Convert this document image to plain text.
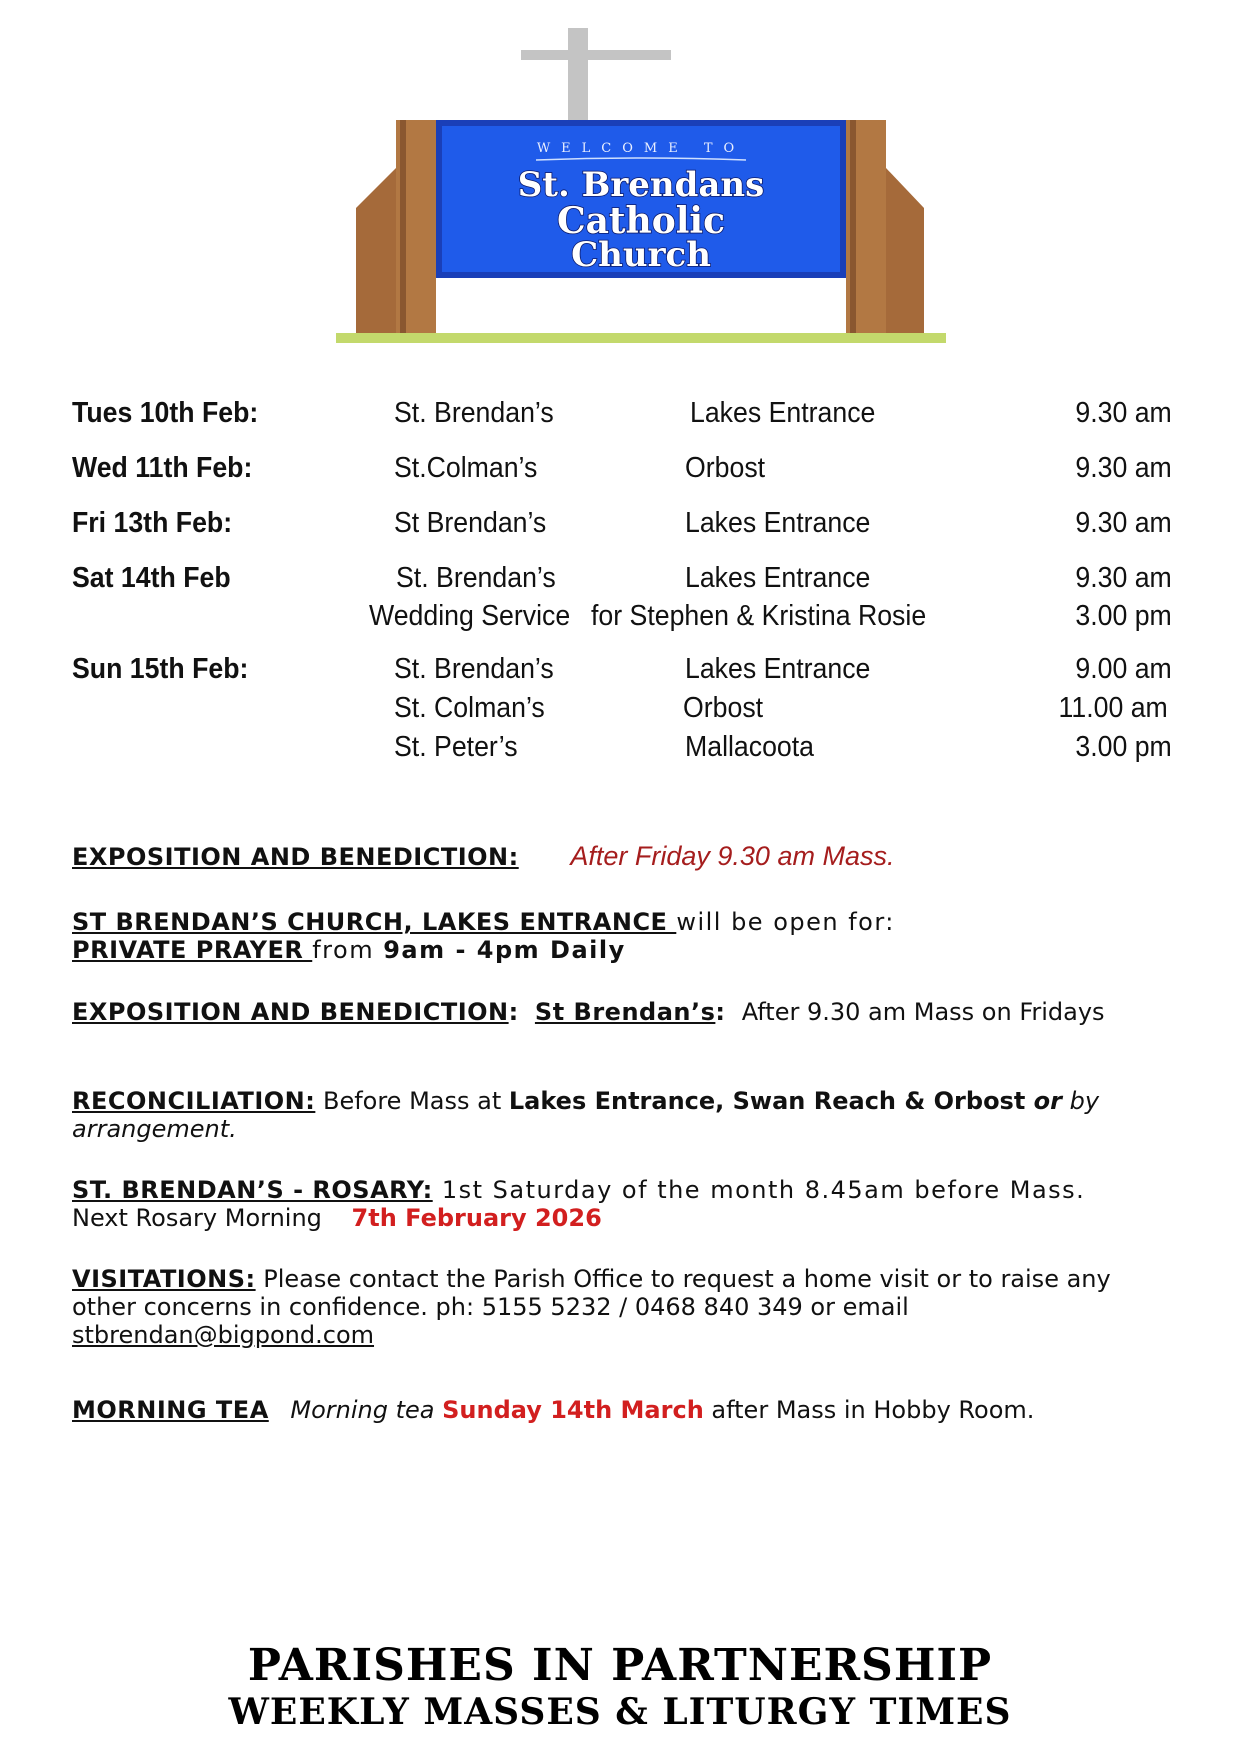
WELCOME TO
St. Brendans
Catholic
Church
Tues 10th Feb:	St. Brendan’s	Lakes Entrance	9.30 am
Wed 11th Feb:	St.Colman’s	Orbost	9.30 am
Fri 13th Feb:	St Brendan’s	Lakes Entrance	9.30 am
Sat 14th Feb	St. Brendan’s	Lakes Entrance	9.30 am
Wedding Service for Stephen & Kristina Rosie	3.00 pm
Sun 15th Feb:	St. Brendan’s	Lakes Entrance	9.00 am
St. Colman’s	Orbost	11.00 am
St. Peter’s	Mallacoota	3.00 pm
EXPOSITION AND BENEDICTION: After Friday 9.30 am Mass.
ST BRENDAN’S CHURCH, LAKES ENTRANCE will be open for:
PRIVATE PRAYER from 9am - 4pm Daily
EXPOSITION AND BENEDICTION:  St Brendan’s:  After 9.30 am Mass on Fridays
RECONCILIATION: Before Mass at Lakes Entrance, Swan Reach & Orbost or by arrangement.
ST. BRENDAN’S - ROSARY: 1st Saturday of the month 8.45am before Mass.
Next Rosary Morning 7th February 2026
VISITATIONS: Please contact the Parish Office to request a home visit or to raise any other concerns in confidence. ph: 5155 5232 / 0468 840 349 or email stbrendan@bigpond.com
MORNING TEA Morning tea Sunday 14th March after Mass in Hobby Room.
PARISHES IN PARTNERSHIP
WEEKLY MASSES & LITURGY TIMES
